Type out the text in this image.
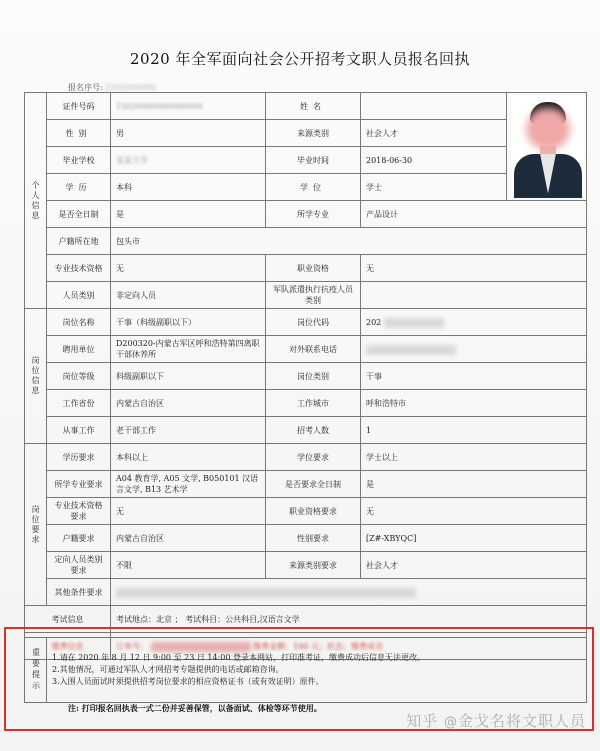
2020 年全军面向社会公开招考文职人员报名回执
报名序号: 2202000000
个人信息	证件号码	15020000000000000	姓名		

	性别	男	来源类别	社会人才	
	毕业学校	某某大学	毕业时间	2018-06-30	
	学历	本科	学位	学士	
	是否全日制	是	所学专业	产品设计	
	户籍所在地	包头市			
	专业技术资格	无	职业资格	无	
	人员类别	非定向人员	军队派遣执行抗疫人员类别		
岗位信息	岗位名称	干事（科级副职以下）	岗位代码	202	
	聘用单位	D200320-内蒙古军区呼和浩特第四离职干部休养所	对外联系电话		
	岗位等级	科级副职以下	岗位类别	干事	
	工作省份	内蒙古自治区	工作城市	呼和浩特市	
	从事工作	老干部工作	招考人数	1	
岗位要求	学历要求	本科以上	学位要求	学士以上	
	所学专业要求	A04 教育学, A05 文学, B050101 汉语言文学, B13 艺术学	是否要求全日制	是	
	专业技术资格要求	无	职业资格要求	无	
	户籍要求	内蒙古自治区	性别要求	[Z#-XBYQC]	
	定向人员类别要求	不限	来源类别要求	社会人才	
	其他条件要求				
考试信息		考试地点：北京 ； 考试科目：公共科目,汉语言文学			
缴费信息		订单号： 缴费金额：100 元；状态：缴费成功			
重要提示	1.请在 2020 年 8 月 12 日 9:00 至 23 日 14:00 登录本网站，打印准考证，缴费成功后信息无法更改。
2.其他情况，可通过军队人才网招考专题提供的电话或邮箱咨询。
3.入围人员面试时须提供招考岗位要求的相应资格证书（或有效证明）原件。
注: 打印报名回执表一式二份并妥善保管，以备面试、体检等环节使用。
知乎 @金戈名将文职人员
